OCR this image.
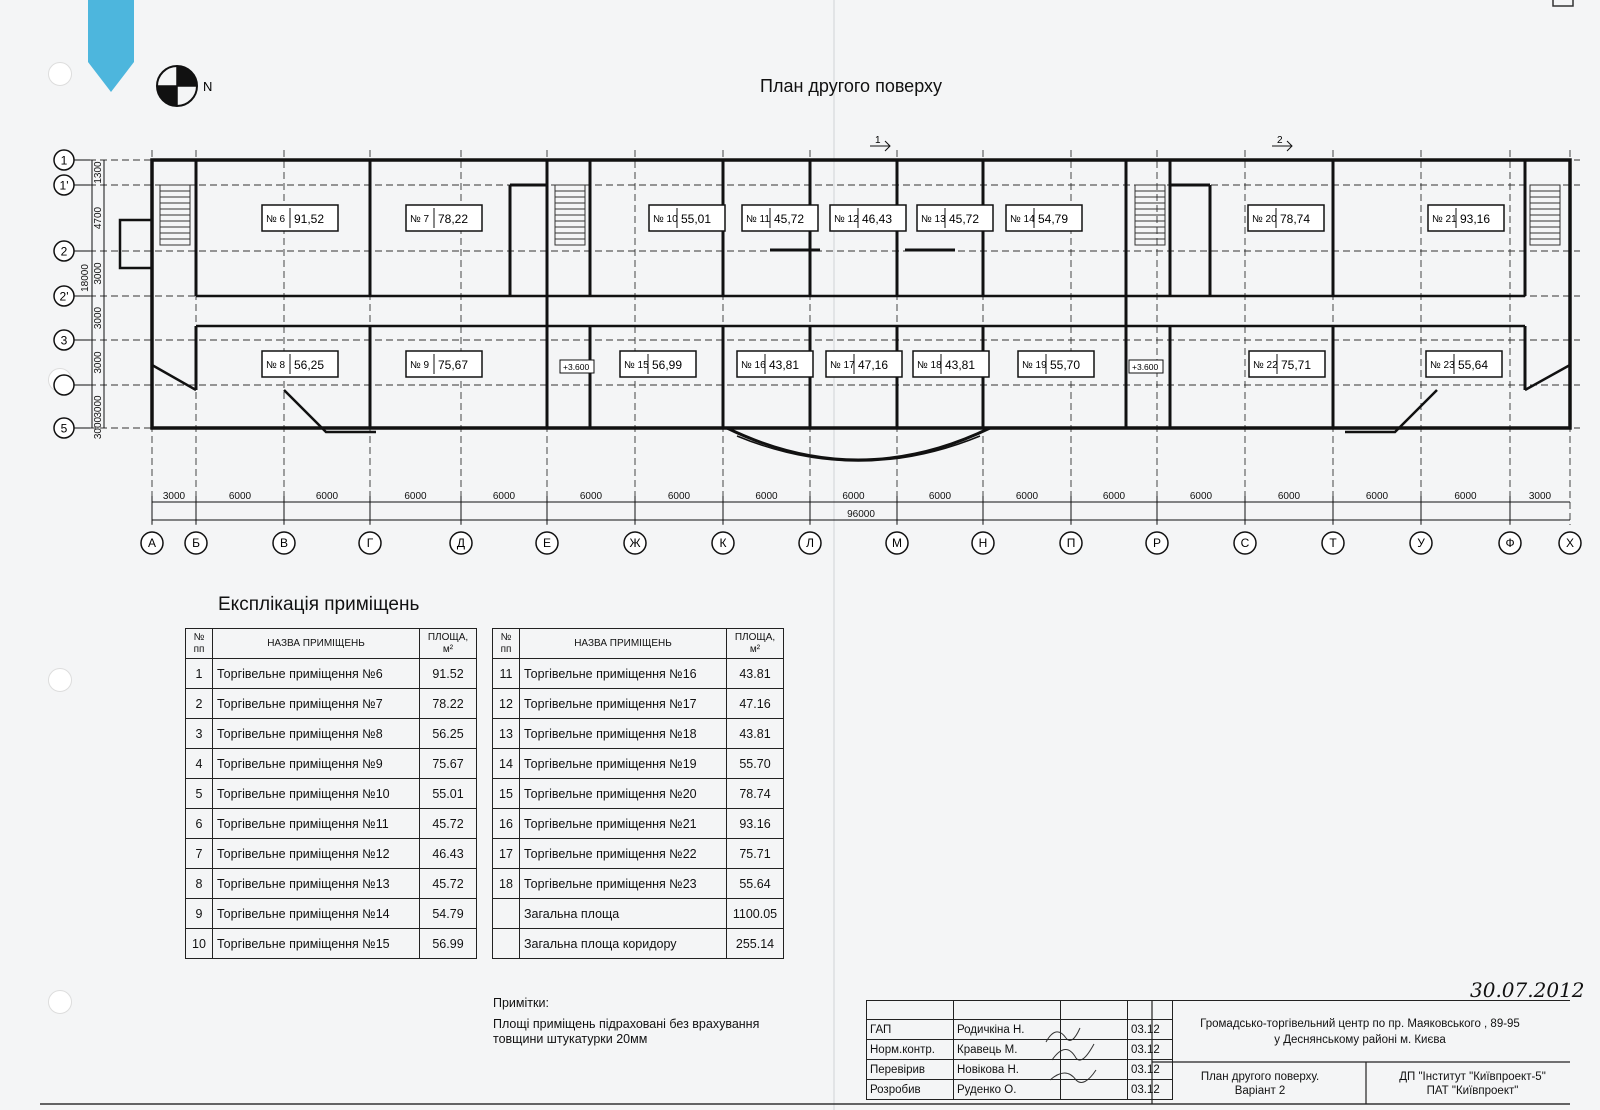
N
№ 6 91,52	№ 7 78,22	№ 10 55,01	№ 11 45,72	№ 12 46,43	№ 13 45,72	№ 14 54,79	№ 20 78,74	№ 21 93,16
№ 8 56,25	№ 9 75,67	№ 15 56,99	№ 16 43,81	№ 17 47,16	№ 18 43,81	№ 19 55,70	№ 22 75,71	№ 23 55,64
1
1'
2
2'
3
5
А	Б	В	Г	Д	Е	Ж	К	Л	М	Н	П	Р	С	Т	У	Ф	Х
3000	6000	6000	6000	6000	6000	6000	6000	6000	6000	6000	6000	6000	6000	6000	6000	3000
96000
1300
4700
3000
3000
3000
3000
3000
18000
1	2
+3.600	+3.600
План другого поверху
Експлікація приміщень
№ пп	НАЗВА ПРИМІЩЕНЬ	ПЛОЩА, м²
1	Торгівельне приміщення №6	91.52
2	Торгівельне приміщення №7	78.22
3	Торгівельне приміщення №8	56.25
4	Торгівельне приміщення №9	75.67
5	Торгівельне приміщення №10	55.01
6	Торгівельне приміщення №11	45.72
7	Торгівельне приміщення №12	46.43
8	Торгівельне приміщення №13	45.72
9	Торгівельне приміщення №14	54.79
10	Торгівельне приміщення №15	56.99
№ пп	НАЗВА ПРИМІЩЕНЬ	ПЛОЩА, м²
11	Торгівельне приміщення №16	43.81
12	Торгівельне приміщення №17	47.16
13	Торгівельне приміщення №18	43.81
14	Торгівельне приміщення №19	55.70
15	Торгівельне приміщення №20	78.74
16	Торгівельне приміщення №21	93.16
17	Торгівельне приміщення №22	75.71
18	Торгівельне приміщення №23	55.64
	Загальна площа	1100.05
	Загальна площа коридору	255.14
Примітки:
Площі приміщень підраховані без врахування
товщини штукатурки 20мм
30.07.2012

ГАП	Родичкіна Н.		03.12
Норм.контр.	Кравець М.		03.12
Перевірив	Новікова Н.		03.12
Розробив	Руденко О.		03.12
Громадсько-торгівельний центр по пр. Маяковського , 89-95
у Деснянському районі м. Києва
План другого поверху.
Варіант 2
ДП "Інститут "Київпроект-5"
ПАТ "Київпроект"
